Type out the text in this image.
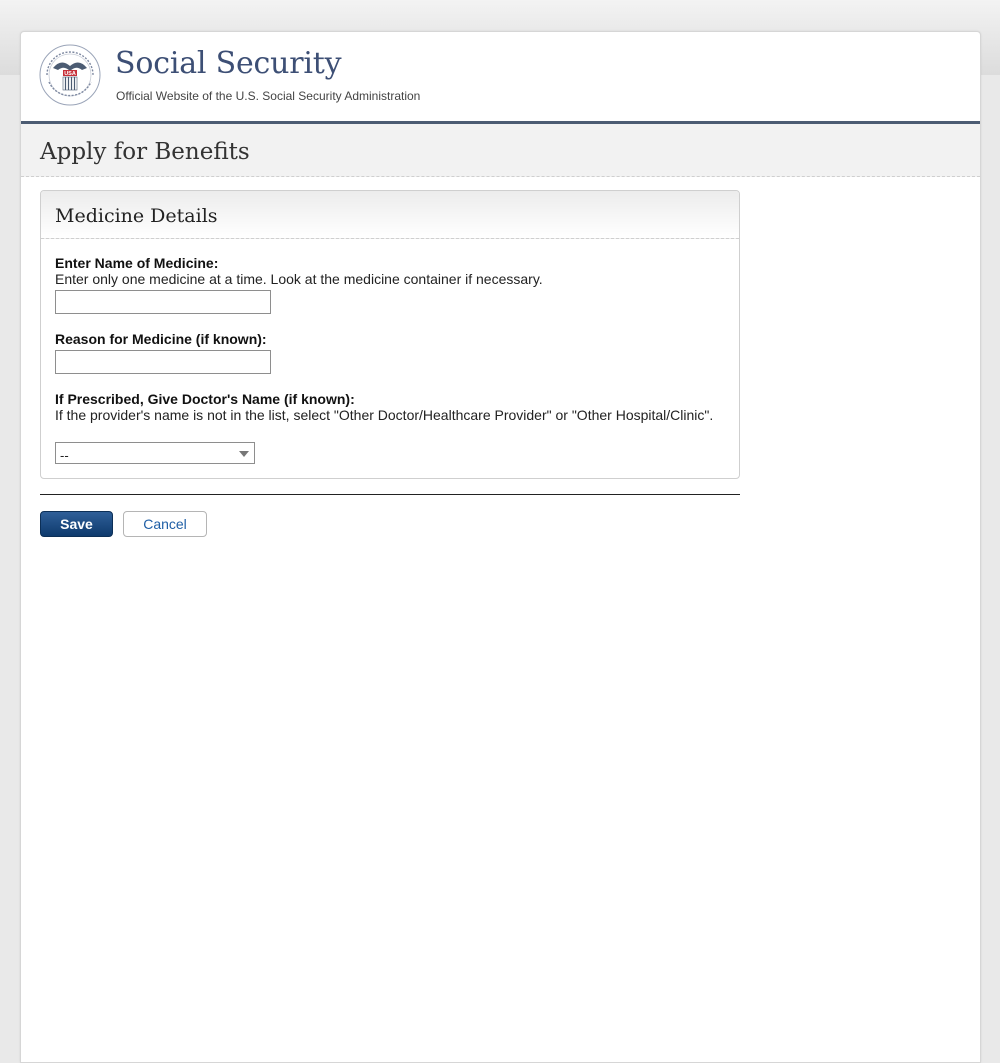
USA Social Security
Official Website of the U.S. Social Security Administration
Apply for Benefits
Medicine Details
Enter Name of Medicine:
Enter only one medicine at a time. Look at the medicine container if necessary.
Reason for Medicine (if known):
If Prescribed, Give Doctor's Name (if known):
If the provider's name is not in the list, select "Other Doctor/Healthcare Provider" or "Other Hospital/Clinic".
--
Save	Cancel
